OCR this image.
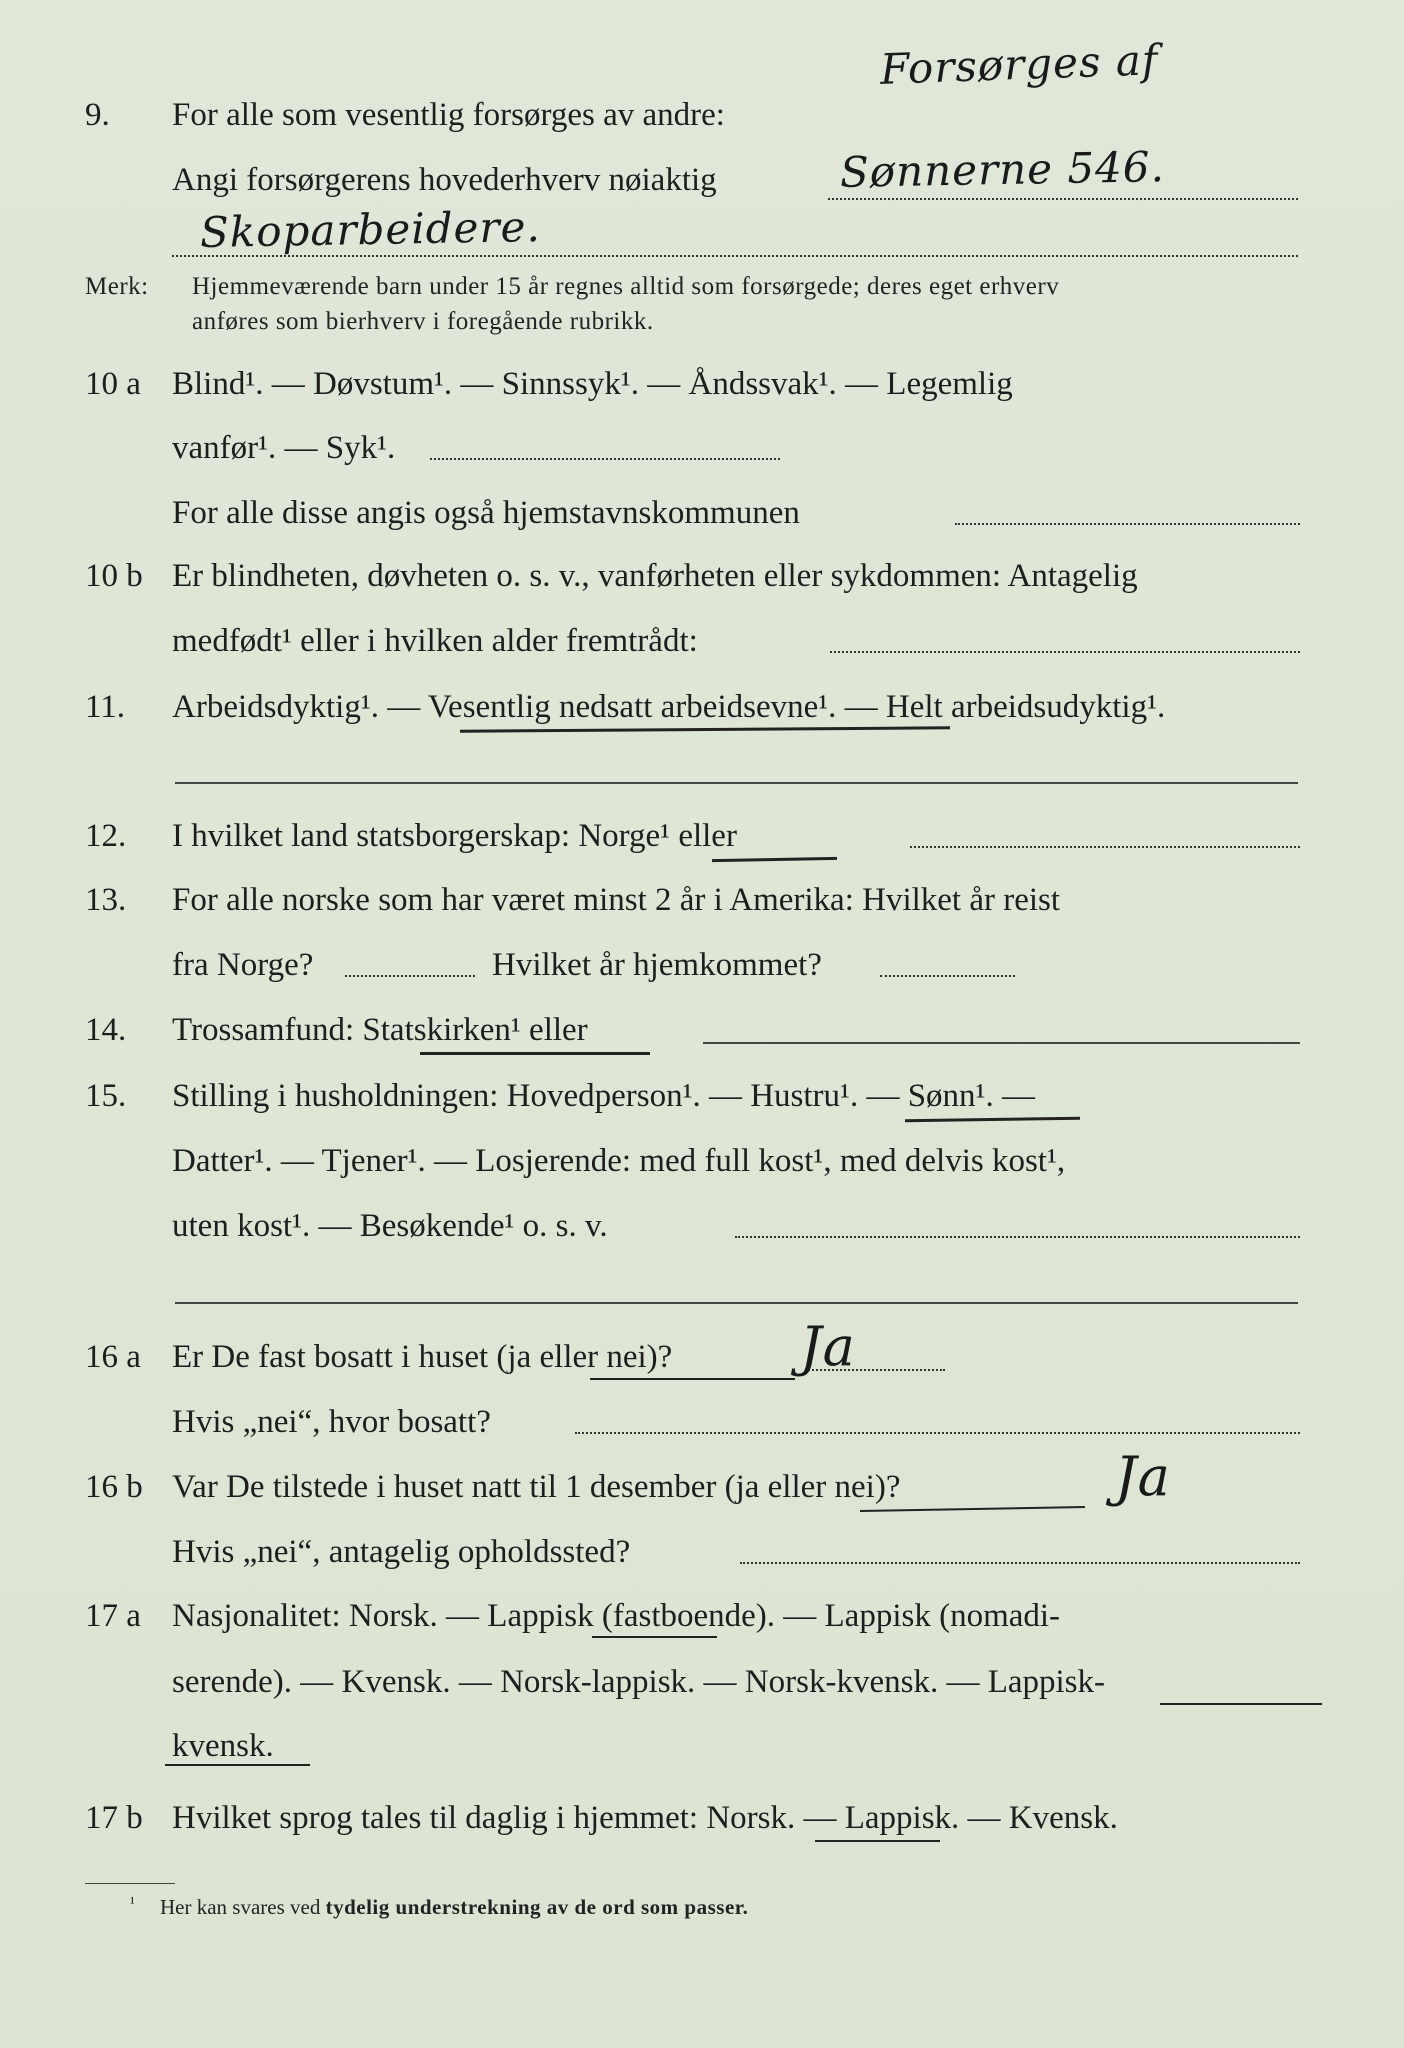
9. For alle som vesentlig forsørges av andre:
Forsørges af
Angi forsørgerens hovederhverv nøiaktig	Sønnerne 546.
Skoparbeidere.
Merk: Hjemmeværende barn under 15 år regnes alltid som forsørgede; deres eget erhverv
anføres som bierhverv i foregående rubrikk.
10 a Blind¹. — Døvstum¹. — Sinnssyk¹. — Åndssvak¹. — Legemlig
vanfør¹. — Syk¹.
For alle disse angis også hjemstavnskommunen
10 b Er blindheten, døvheten o. s. v., vanførheten eller sykdommen: Antagelig
medfødt¹ eller i hvilken alder fremtrådt:
11. Arbeidsdyktig¹. — Vesentlig nedsatt arbeidsevne¹. — Helt arbeidsudyktig¹.
12. I hvilket land statsborgerskap: Norge¹ eller
13. For alle norske som har været minst 2 år i Amerika: Hvilket år reist
fra Norge?	Hvilket år hjemkommet?
14. Trossamfund: Statskirken¹ eller
15. Stilling i husholdningen: Hovedperson¹. — Hustru¹. — Sønn¹. —
Datter¹. — Tjener¹. — Losjerende: med full kost¹, med delvis kost¹,
uten kost¹. — Besøkende¹ o. s. v.
16 a Er De fast bosatt i huset (ja eller nei)? Ja
Hvis „nei“, hvor bosatt?
16 b Var De tilstede i huset natt til 1 desember (ja eller nei)?	Ja
Hvis „nei“, antagelig opholdssted?
17 a Nasjonalitet: Norsk. — Lappisk (fastboende). — Lappisk (nomadi-
serende). — Kvensk. — Norsk-lappisk. — Norsk-kvensk. — Lappisk-
kvensk.
17 b Hvilket sprog tales til daglig i hjemmet: Norsk. — Lappisk. — Kvensk.
¹ Her kan svares ved tydelig understrekning av de ord som passer.
